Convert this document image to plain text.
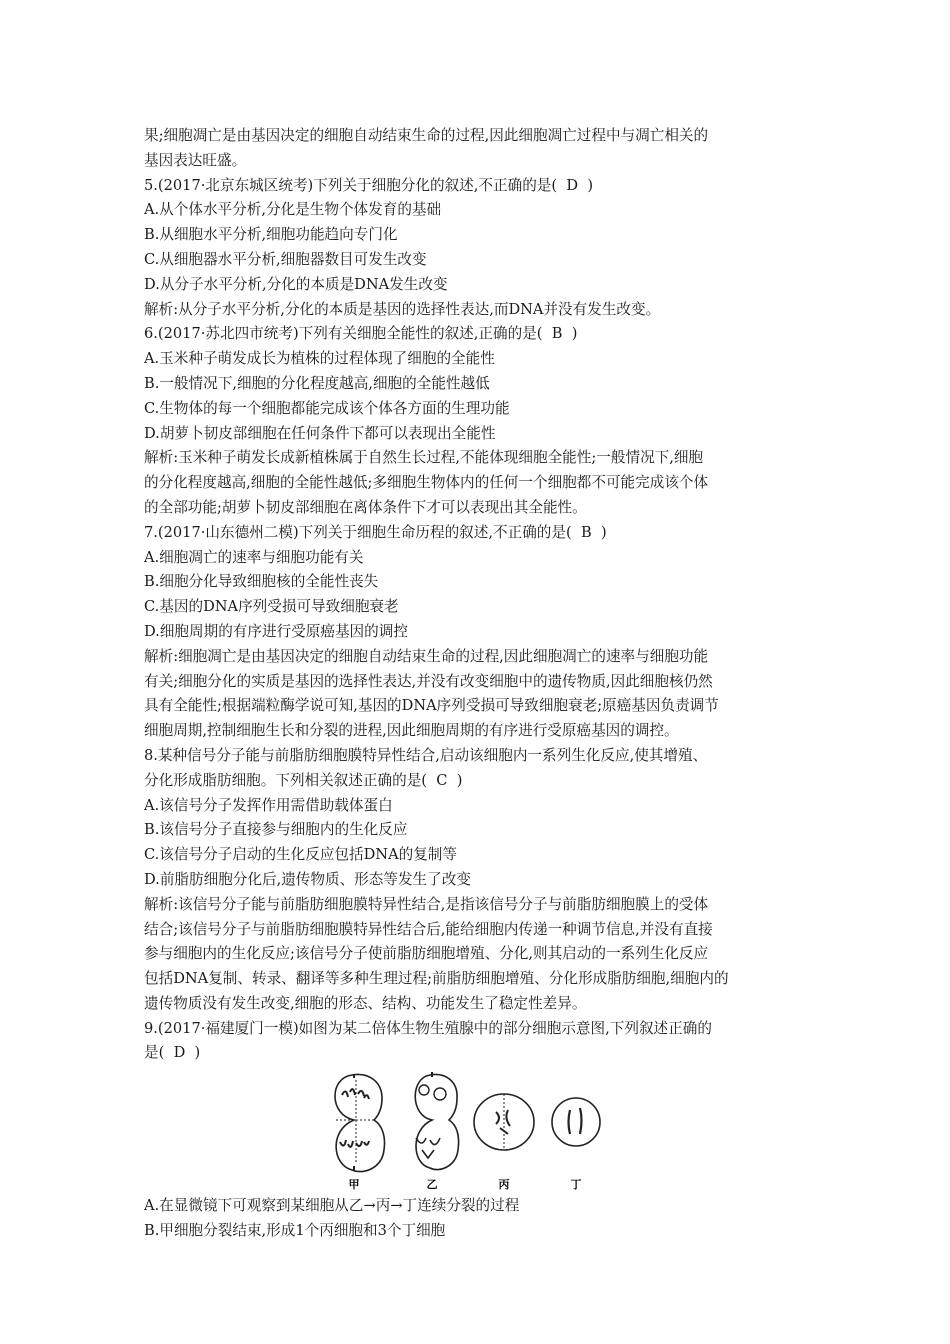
果;细胞凋亡是由基因决定的细胞自动结束生命的过程,因此细胞凋亡过程中与凋亡相关的
基因表达旺盛。
5.(2017·北京东城区统考)下列关于细胞分化的叙述,不正确的是(  D  )
A.从个体水平分析,分化是生物个体发育的基础
B.从细胞水平分析,细胞功能趋向专门化
C.从细胞器水平分析,细胞器数目可发生改变
D.从分子水平分析,分化的本质是DNA发生改变
解析:从分子水平分析,分化的本质是基因的选择性表达,而DNA并没有发生改变。
6.(2017·苏北四市统考)下列有关细胞全能性的叙述,正确的是(  B  )
A.玉米种子萌发成长为植株的过程体现了细胞的全能性
B.一般情况下,细胞的分化程度越高,细胞的全能性越低
C.生物体的每一个细胞都能完成该个体各方面的生理功能
D.胡萝卜韧皮部细胞在任何条件下都可以表现出全能性
解析:玉米种子萌发长成新植株属于自然生长过程,不能体现细胞全能性;一般情况下,细胞
的分化程度越高,细胞的全能性越低;多细胞生物体内的任何一个细胞都不可能完成该个体
的全部功能;胡萝卜韧皮部细胞在离体条件下才可以表现出其全能性。
7.(2017·山东德州二模)下列关于细胞生命历程的叙述,不正确的是(  B  )
A.细胞凋亡的速率与细胞功能有关
B.细胞分化导致细胞核的全能性丧失
C.基因的DNA序列受损可导致细胞衰老
D.细胞周期的有序进行受原癌基因的调控
解析:细胞凋亡是由基因决定的细胞自动结束生命的过程,因此细胞凋亡的速率与细胞功能
有关;细胞分化的实质是基因的选择性表达,并没有改变细胞中的遗传物质,因此细胞核仍然
具有全能性;根据端粒酶学说可知,基因的DNA序列受损可导致细胞衰老;原癌基因负责调节
细胞周期,控制细胞生长和分裂的进程,因此细胞周期的有序进行受原癌基因的调控。
8.某种信号分子能与前脂肪细胞膜特异性结合,启动该细胞内一系列生化反应,使其增殖、
分化形成脂肪细胞。下列相关叙述正确的是(  C  )
A.该信号分子发挥作用需借助载体蛋白
B.该信号分子直接参与细胞内的生化反应
C.该信号分子启动的生化反应包括DNA的复制等
D.前脂肪细胞分化后,遗传物质、形态等发生了改变
解析:该信号分子能与前脂肪细胞膜特异性结合,是指该信号分子与前脂肪细胞膜上的受体
结合;该信号分子与前脂肪细胞膜特异性结合后,能给细胞内传递一种调节信息,并没有直接
参与细胞内的生化反应;该信号分子使前脂肪细胞增殖、分化,则其启动的一系列生化反应
包括DNA复制、转录、翻译等多种生理过程;前脂肪细胞增殖、分化形成脂肪细胞,细胞内的
遗传物质没有发生改变,细胞的形态、结构、功能发生了稳定性差异。
9.(2017·福建厦门一模)如图为某二倍体生物生殖腺中的部分细胞示意图,下列叙述正确的
是(  D  )
甲	乙	丙	丁
A.在显微镜下可观察到某细胞从乙→丙→丁连续分裂的过程
B.甲细胞分裂结束,形成1个丙细胞和3个丁细胞
